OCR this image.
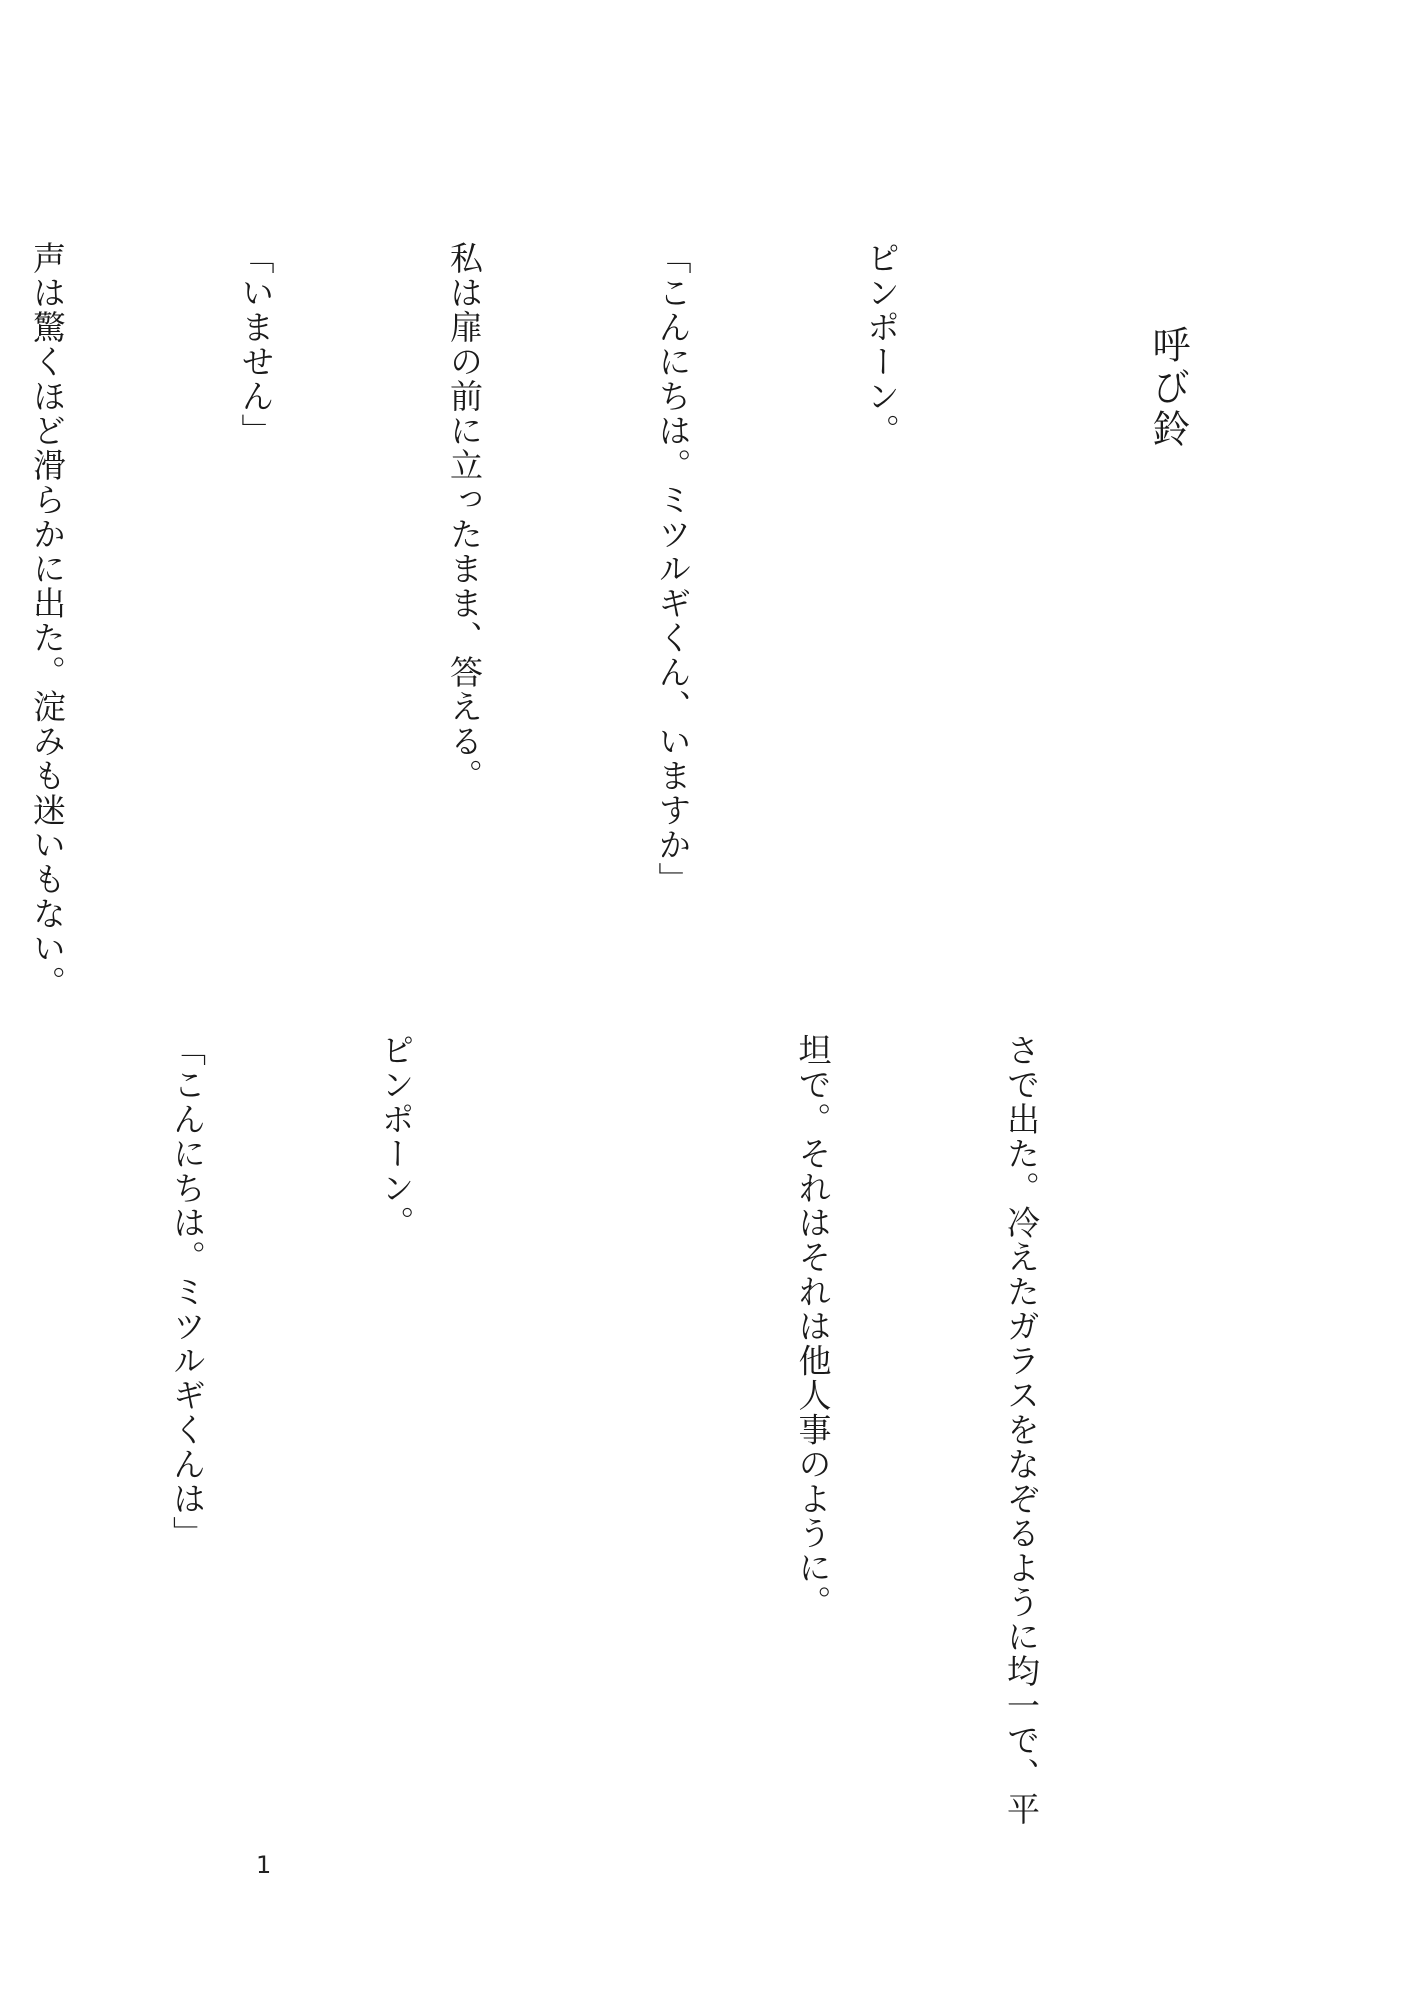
呼び鈴

ピンポーン。

「こんにちは。ミツルギくん、いますか」

私は扉の前に立ったまま、答える。

「いません」

声は驚くほど滑らかに出た。淀みも迷いもない。

さで出た。冷えたガラスをなぞるように均一で、平

坦で。それはそれは他人事のように。

ピンポーン。

「こんにちは。ミツルギくんは」

1
